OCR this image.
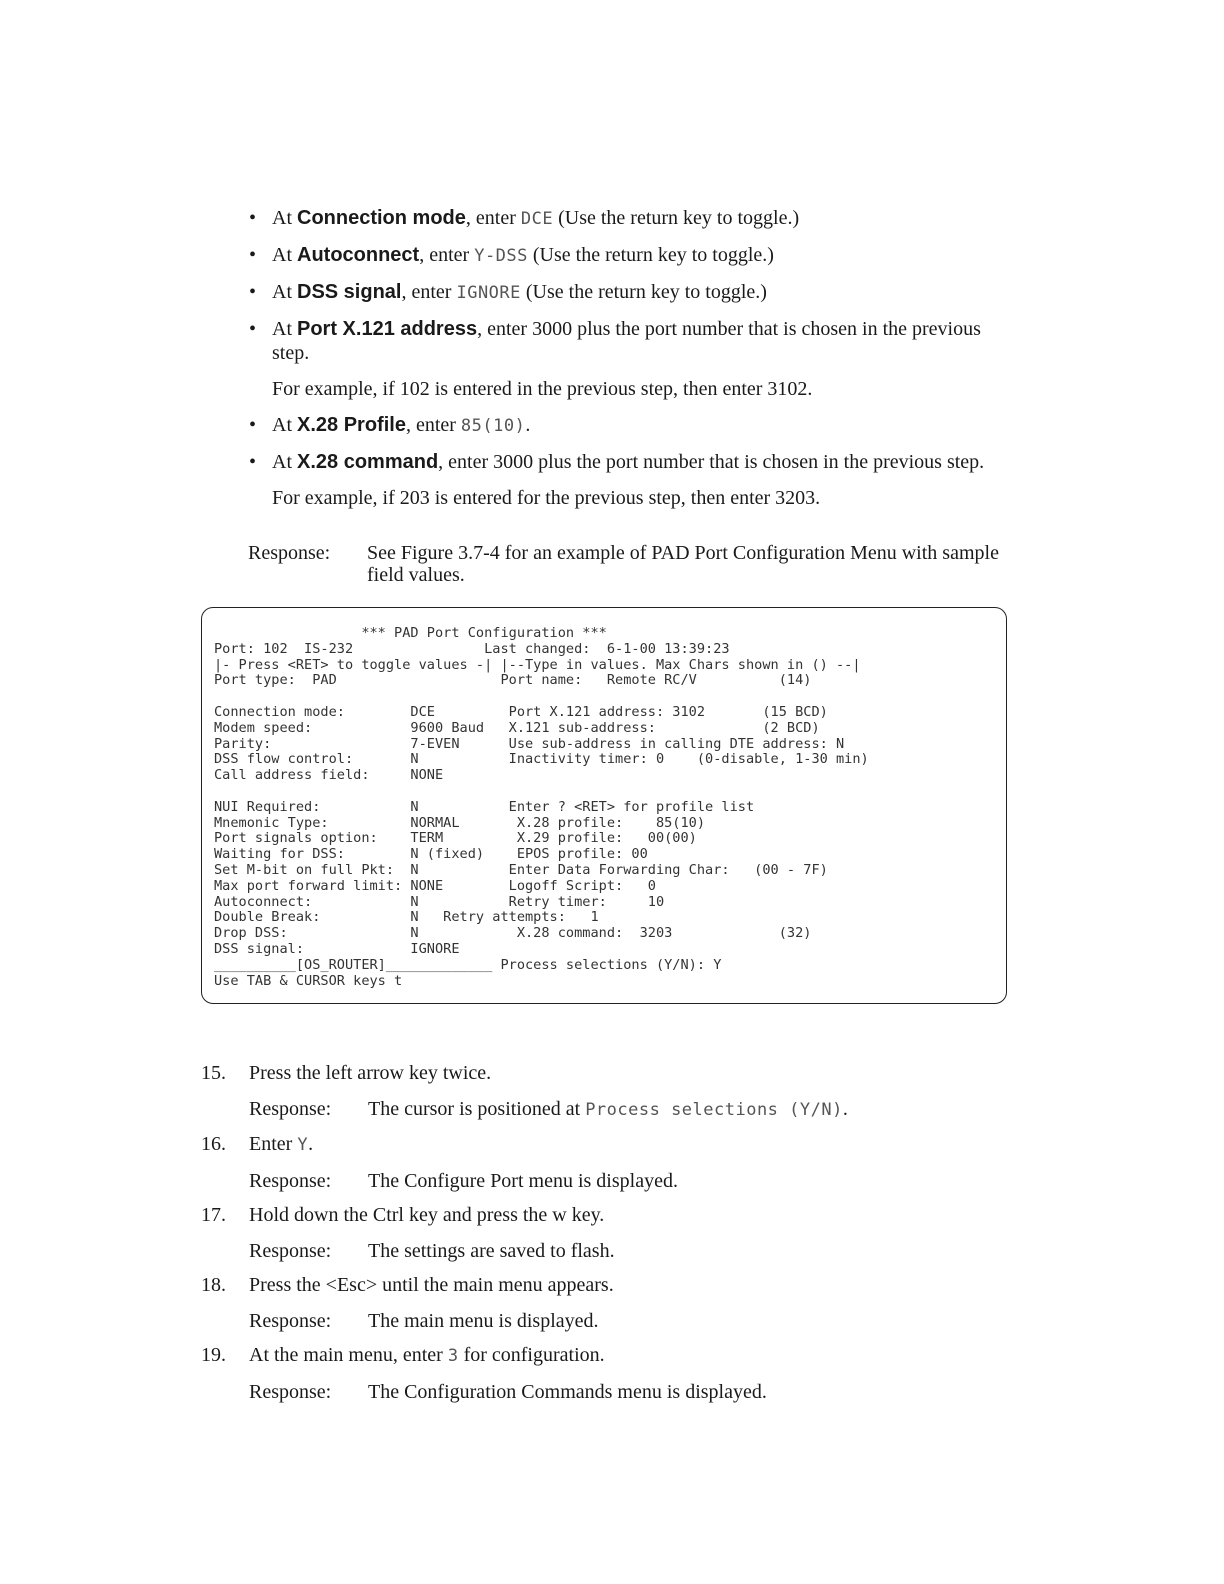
• At Connection mode, enter DCE (Use the return key to toggle.)
• At Autoconnect, enter Y-DSS (Use the return key to toggle.)
• At DSS signal, enter IGNORE (Use the return key to toggle.)
• At Port X.121 address, enter 3000 plus the port number that is chosen in the previous step.
For example, if 102 is entered in the previous step, then enter 3102.
• At X.28 Profile, enter 85(10).
• At X.28 command, enter 3000 plus the port number that is chosen in the previous step.
For example, if 203 is entered for the previous step, then enter 3203.
Response:	See Figure 3.7-4 for an example of PAD Port Configuration Menu with sample field values.
*** PAD Port Configuration ***
Port: 102  IS-232                Last changed:  6-1-00 13:39:23
|- Press <RET> to toggle values -| |--Type in values. Max Chars shown in () --|
Port type:  PAD                    Port name:   Remote RC/V          (14)
Connection mode:        DCE         Port X.121 address: 3102       (15 BCD)
Modem speed:            9600 Baud   X.121 sub-address:             (2 BCD)
Parity:                 7-EVEN      Use sub-address in calling DTE address: N
DSS flow control:       N           Inactivity timer: 0    (0-disable, 1-30 min)
Call address field:     NONE
NUI Required:           N           Enter ? <RET> for profile list
Mnemonic Type:          NORMAL       X.28 profile:    85(10)
Port signals option:    TERM         X.29 profile:   00(00)
Waiting for DSS:        N (fixed)    EPOS profile: 00
Set M-bit on full Pkt:  N           Enter Data Forwarding Char:   (00 - 7F)
Max port forward limit: NONE        Logoff Script:   0
Autoconnect:            N           Retry timer:     10
Double Break:           N   Retry attempts:   1
Drop DSS:               N            X.28 command:  3203             (32)
DSS signal:             IGNORE
__________[OS_ROUTER]_____________ Process selections (Y/N): Y
Use TAB & CURSOR keys t
15.	Press the left arrow key twice.
Response:	The cursor is positioned at Process selections (Y/N).
16.	Enter Y.
Response:	The Configure Port menu is displayed.
17.	Hold down the Ctrl key and press the w key.
Response:	The settings are saved to flash.
18.	Press the <Esc> until the main menu appears.
Response:	The main menu is displayed.
19.	At the main menu, enter 3 for configuration.
Response:	The Configuration Commands menu is displayed.
